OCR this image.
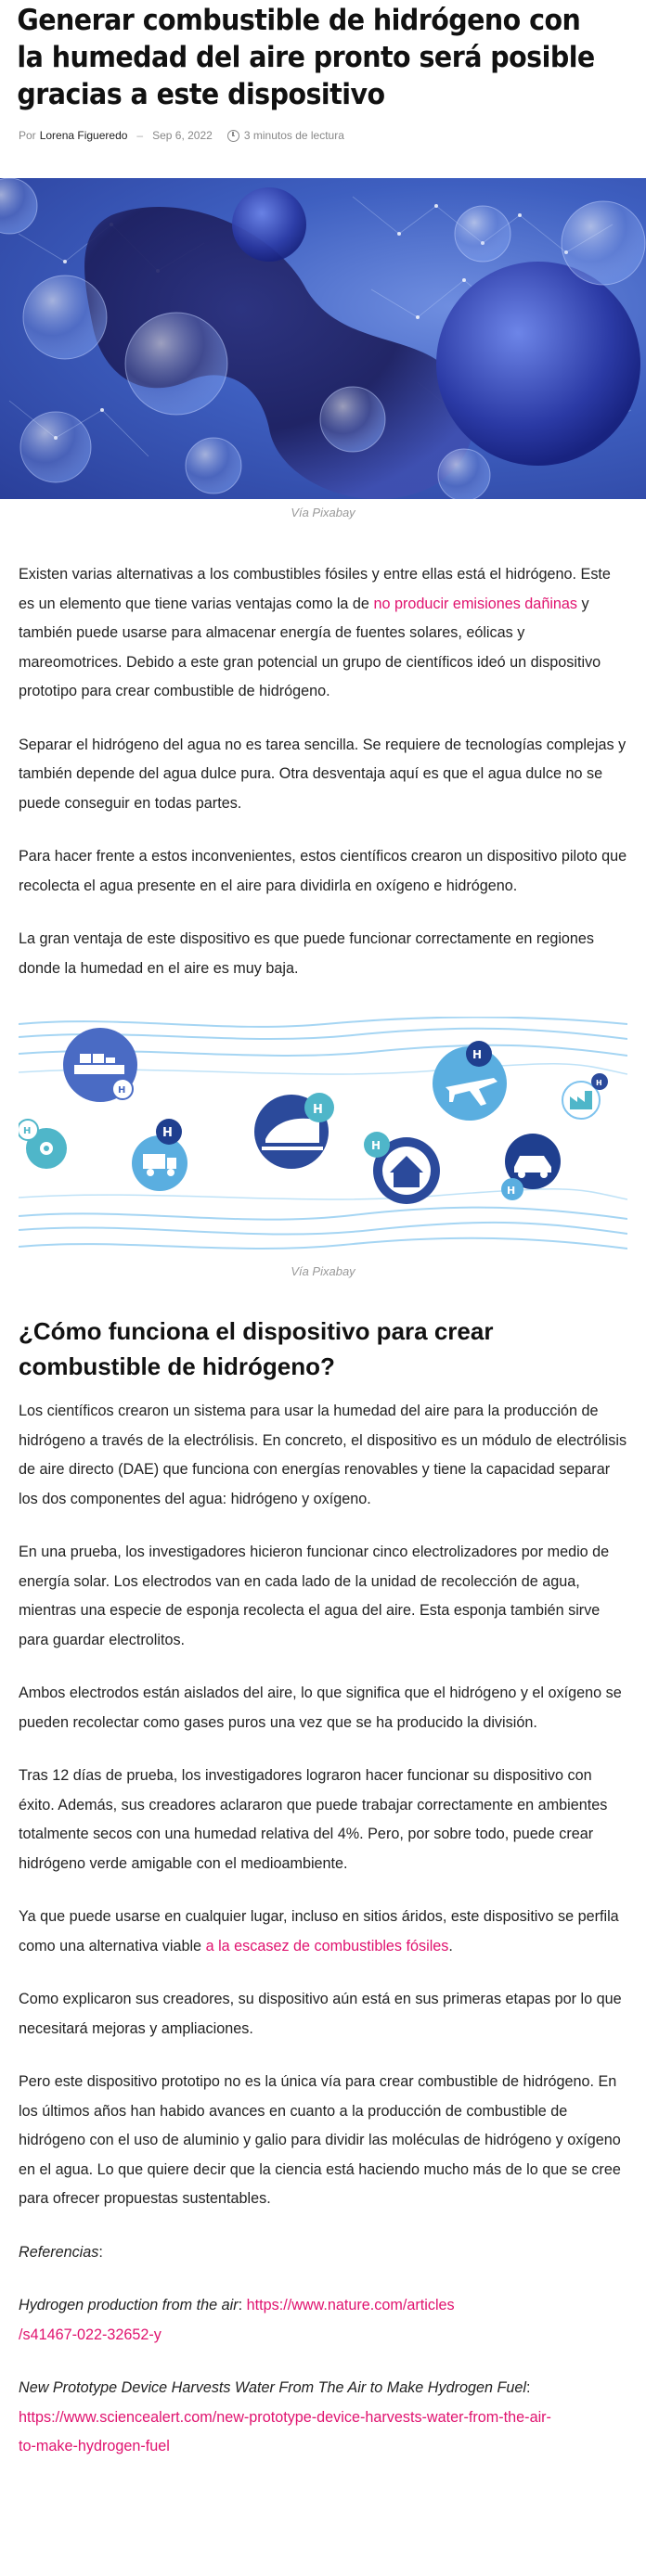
Generar combustible de hidrógeno con la humedad del aire pronto será posible gracias a este dispositivo
Por Lorena Figueredo – Sep 6, 2022	3 minutos de lectura
Vía Pixabay

Existen varias alternativas a los combustibles fósiles y entre ellas está el hidrógeno. Este es un elemento que tiene varias ventajas como la de no producir emisiones dañinas y también puede usarse para almacenar energía de fuentes solares, eólicas y mareomotrices. Debido a este gran potencial un grupo de científicos ideó un dispositivo prototipo para crear combustible de hidrógeno.

Separar el hidrógeno del agua no es tarea sencilla. Se requiere de tecnologías complejas y también depende del agua dulce pura. Otra desventaja aquí es que el agua dulce no se puede conseguir en todas partes.

Para hacer frente a estos inconvenientes, estos científicos crearon un dispositivo piloto que recolecta el agua presente en el aire para dividirla en oxígeno e hidrógeno.

La gran ventaja de este dispositivo es que puede funcionar correctamente en regiones donde la humedad en el aire es muy baja.

H
H	H
H
H
H
H
H
Vía Pixabay
¿Cómo funciona el dispositivo para crear combustible de hidrógeno?

Los científicos crearon un sistema para usar la humedad del aire para la producción de hidrógeno a través de la electrólisis. En concreto, el dispositivo es un módulo de electrólisis de aire directo (DAE) que funciona con energías renovables y tiene la capacidad separar los dos componentes del agua: hidrógeno y oxígeno.

En una prueba, los investigadores hicieron funcionar cinco electrolizadores por medio de energía solar. Los electrodos van en cada lado de la unidad de recolección de agua, mientras una especie de esponja recolecta el agua del aire. Esta esponja también sirve para guardar electrolitos.

Ambos electrodos están aislados del aire, lo que significa que el hidrógeno y el oxígeno se pueden recolectar como gases puros una vez que se ha producido la división.

Tras 12 días de prueba, los investigadores lograron hacer funcionar su dispositivo con éxito. Además, sus creadores aclararon que puede trabajar correctamente en ambientes totalmente secos con una humedad relativa del 4%. Pero, por sobre todo, puede crear hidrógeno verde amigable con el medioambiente.

Ya que puede usarse en cualquier lugar, incluso en sitios áridos, este dispositivo se perfila como una alternativa viable a la escasez de combustibles fósiles.

Como explicaron sus creadores, su dispositivo aún está en sus primeras etapas por lo que necesitará mejoras y ampliaciones.

Pero este dispositivo prototipo no es la única vía para crear combustible de hidrógeno. En los últimos años han habido avances en cuanto a la producción de combustible de hidrógeno con el uso de aluminio y galio para dividir las moléculas de hidrógeno y oxígeno en el agua. Lo que quiere decir que la ciencia está haciendo mucho más de lo que se cree para ofrecer propuestas sustentables.

Referencias:

Hydrogen production from the air: https://www.nature.com/articles
/s41467-022-32652-y

New Prototype Device Harvests Water From The Air to Make Hydrogen Fuel:
https://www.sciencealert.com/new-prototype-device-harvests-water-from-the-air-
to-make-hydrogen-fuel
